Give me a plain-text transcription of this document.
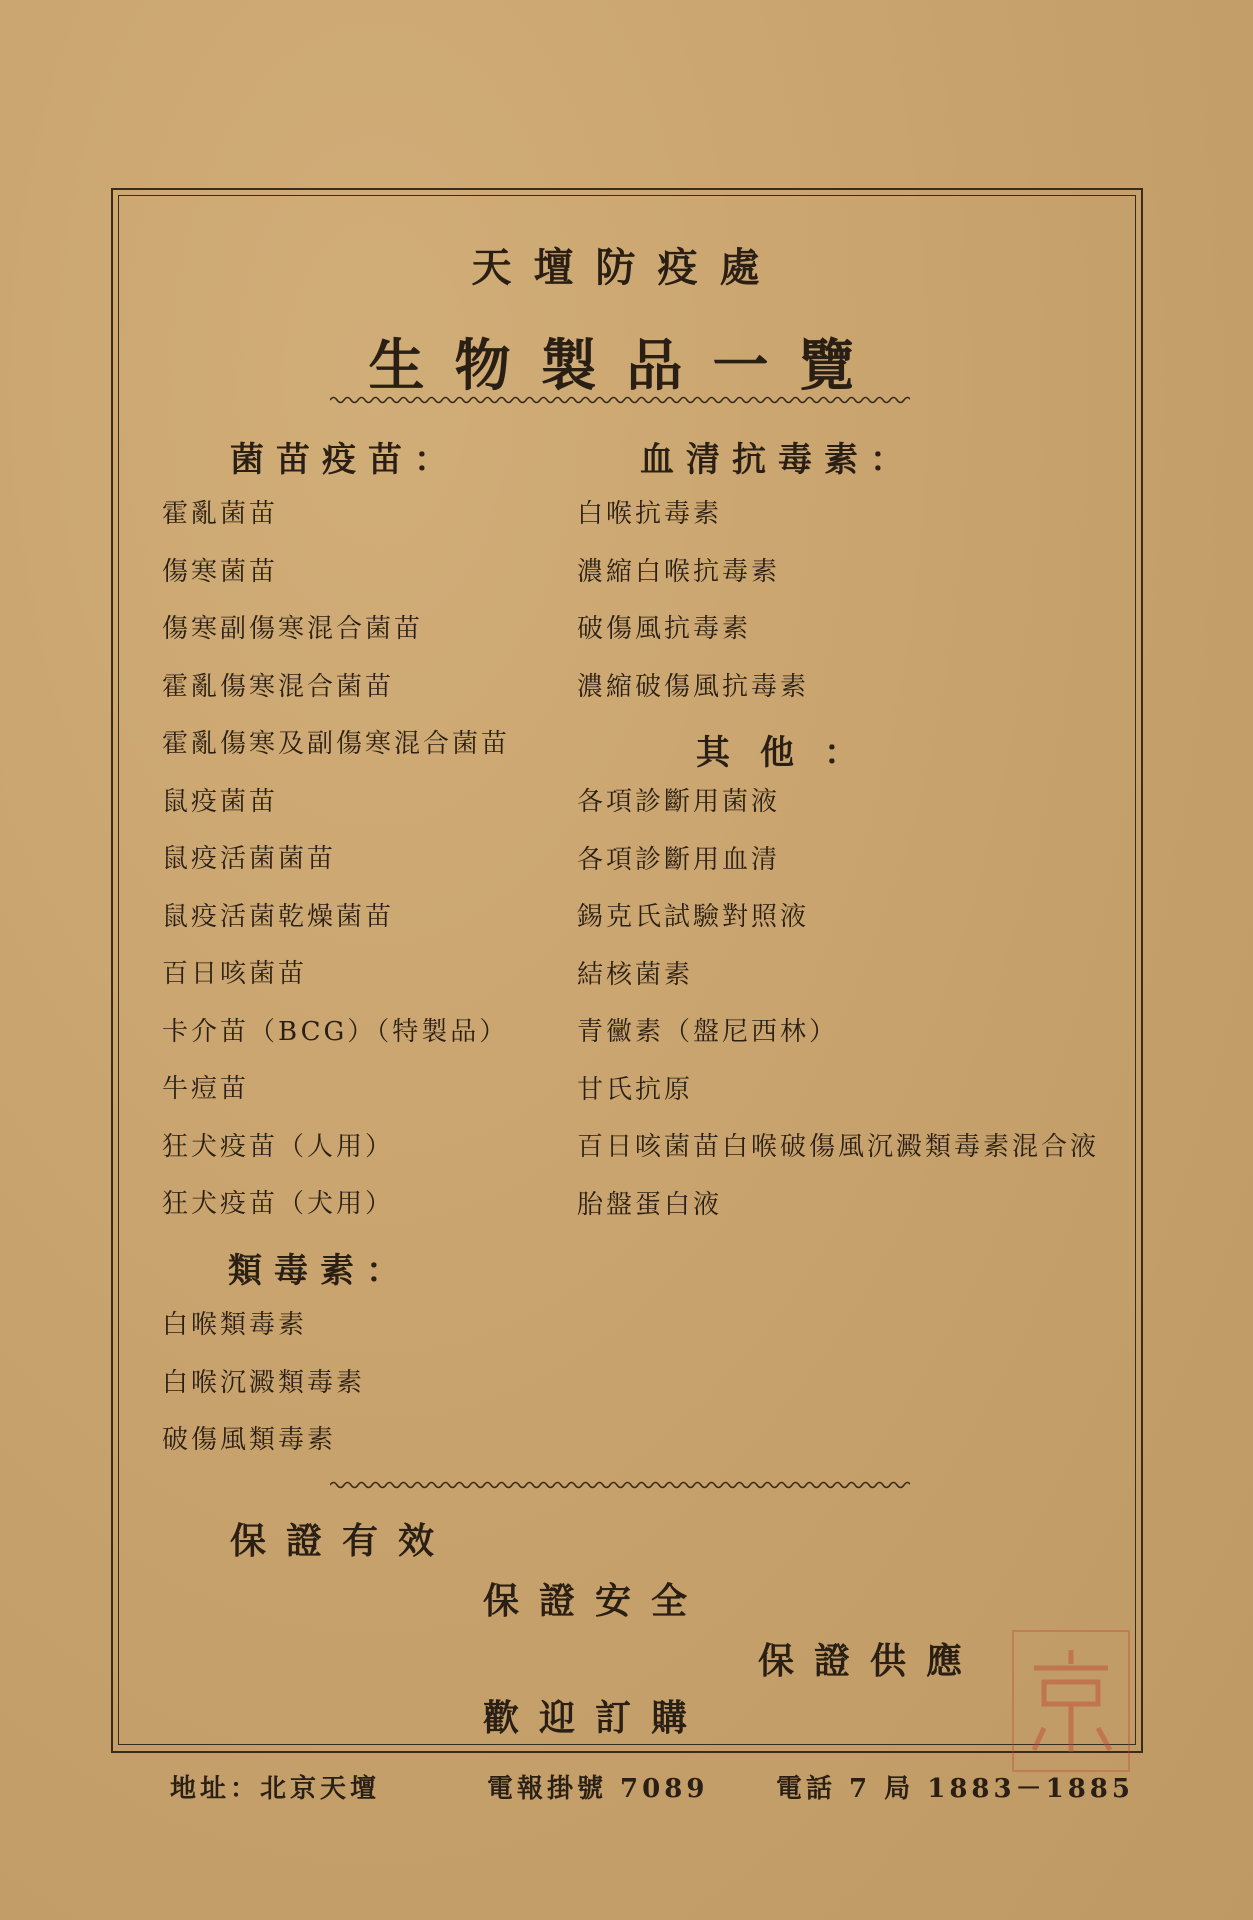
天壇防疫處
生物製品一覽
菌苗疫苗：
霍亂菌苗
傷寒菌苗
傷寒副傷寒混合菌苗
霍亂傷寒混合菌苗
霍亂傷寒及副傷寒混合菌苗
鼠疫菌苗
鼠疫活菌菌苗
鼠疫活菌乾燥菌苗
百日咳菌苗
卡介苗（BCG）（特製品）
牛痘苗
狂犬疫苗（人用）
狂犬疫苗（犬用）
類毒素：
白喉類毒素
白喉沉澱類毒素
破傷風類毒素
血清抗毒素：
白喉抗毒素
濃縮白喉抗毒素
破傷風抗毒素
濃縮破傷風抗毒素
其他：
各項診斷用菌液
各項診斷用血清
錫克氏試驗對照液
結核菌素
青黴素（盤尼西林）
甘氏抗原
百日咳菌苗白喉破傷風沉澱類毒素混合液
胎盤蛋白液
保證有效
保證安全
保證供應
歡迎訂購
地址：北京天壇	電報掛號 7089	電話 7 局 1883－1885
